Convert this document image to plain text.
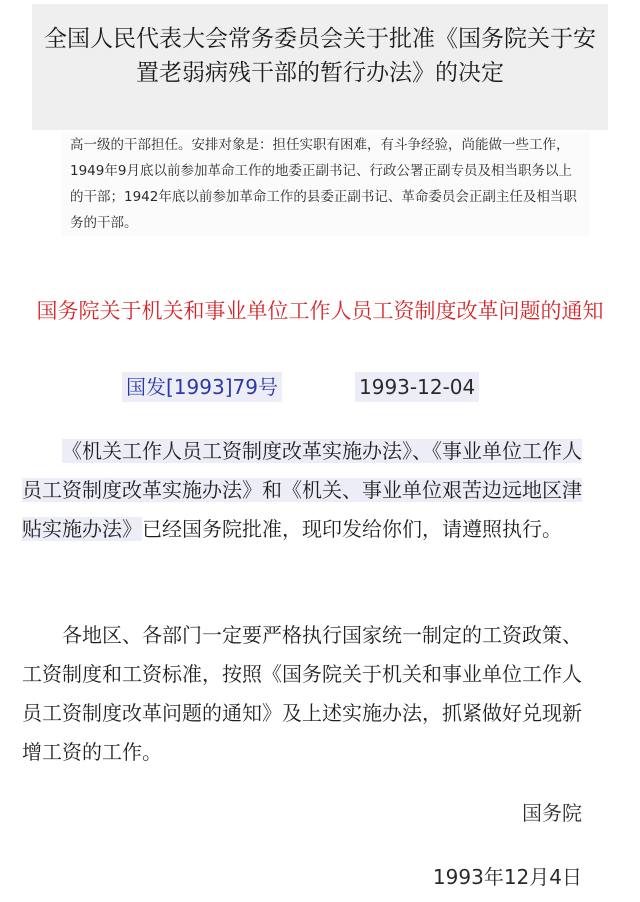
全国人民代表大会常务委员会关于批准《国务院关于安置老弱病残干部的暂行办法》的决定
高一级的干部担任。安排对象是：担任实职有困难，有斗争经验，尚能做一些工作，1949年9月底以前参加革命工作的地委正副书记、行政公署正副专员及相当职务以上的干部；1942年底以前参加革命工作的县委正副书记、革命委员会正副主任及相当职务的干部。
国务院关于机关和事业单位工作人员工资制度改革问题的通知
国发[1993]79号	1993-12-04
《机关工作人员工资制度改革实施办法》、《事业单位工作人员工资制度改革实施办法》和《机关、事业单位艰苦边远地区津贴实施办法》已经国务院批准，现印发给你们，请遵照执行。
各地区、各部门一定要严格执行国家统一制定的工资政策、工资制度和工资标准，按照《国务院关于机关和事业单位工作人员工资制度改革问题的通知》及上述实施办法，抓紧做好兑现新增工资的工作。
国务院
1993年12月4日
